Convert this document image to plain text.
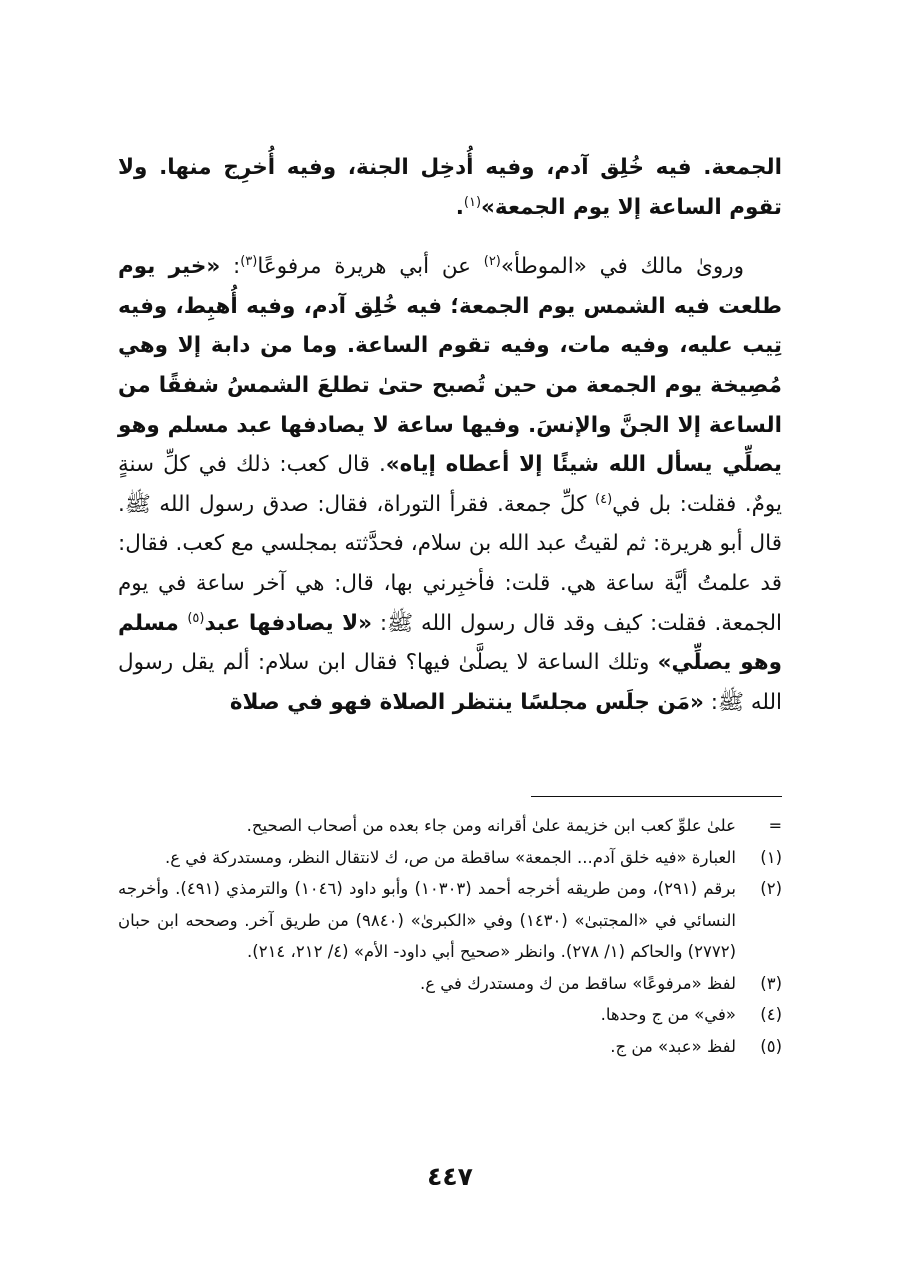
الجمعة. فيه خُلِق آدم، وفيه أُدخِل الجنة، وفيه أُخرِج منها. ولا تقوم الساعة إلا يوم الجمعة»$^{(١)}$.

وروىٰ مالك في «الموطأ»$^{(٢)}$ عن أبي هريرة مرفوعًا$^{(٣)}$: «خير يوم طلعت فيه الشمس يوم الجمعة؛ فيه خُلِق آدم، وفيه أُهبِط، وفيه تِيب عليه، وفيه مات، وفيه تقوم الساعة. وما من دابة إلا وهي مُصِيخة يوم الجمعة من حين تُصبح حتىٰ تطلعَ الشمسُ شفقًا من الساعة إلا الجنَّ والإنسَ. وفيها ساعة لا يصادفها عبد مسلم وهو يصلِّي يسأل الله شيئًا إلا أعطاه إياه». قال كعب: ذلك في كلِّ سنةٍ يومٌ. فقلت: بل في$^{(٤)}$ كلِّ جمعة. فقرأ التوراة، فقال: صدق رسول الله ﷺ. قال أبو هريرة: ثم لقيتُ عبد الله بن سلام، فحدَّثته بمجلسي مع كعب. فقال: قد علمتُ أيَّة ساعة هي. قلت: فأخبِرني بها، قال: هي آخر ساعة في يوم الجمعة. فقلت: كيف وقد قال رسول الله ﷺ: «لا يصادفها عبد$^{(٥)}$ مسلم وهو يصلِّي» وتلك الساعة لا يصلَّىٰ فيها؟ فقال ابن سلام: ألم يقل رسول الله ﷺ: «مَن جلَس مجلسًا ينتظر الصلاة فهو في صلاة

=
علىٰ علوِّ كعب ابن خزيمة علىٰ أقرانه ومن جاء بعده من أصحاب الصحيح.
(١)
العبارة «فيه خلق آدم... الجمعة» ساقطة من ص، ك لانتقال النظر، ومستدركة في ع.
(٢)
برقم (٢٩١)، ومن طريقه أخرجه أحمد (١٠٣٠٣) وأبو داود (١٠٤٦) والترمذي (٤٩١). وأخرجه النسائي في «المجتبىٰ» (١٤٣٠) وفي «الكبرىٰ» (٩٨٤٠) من طريق آخر. وصححه ابن حبان (٢٧٧٢) والحاكم (١/ ٢٧٨). وانظر «صحيح أبي داود- الأم» (٤/ ٢١٢، ٢١٤).
(٣)
لفظ «مرفوعًا» ساقط من ك ومستدرك في ع.
(٤)
«في» من ج وحدها.
(٥)
لفظ «عبد» من ج.
٤٤٧
